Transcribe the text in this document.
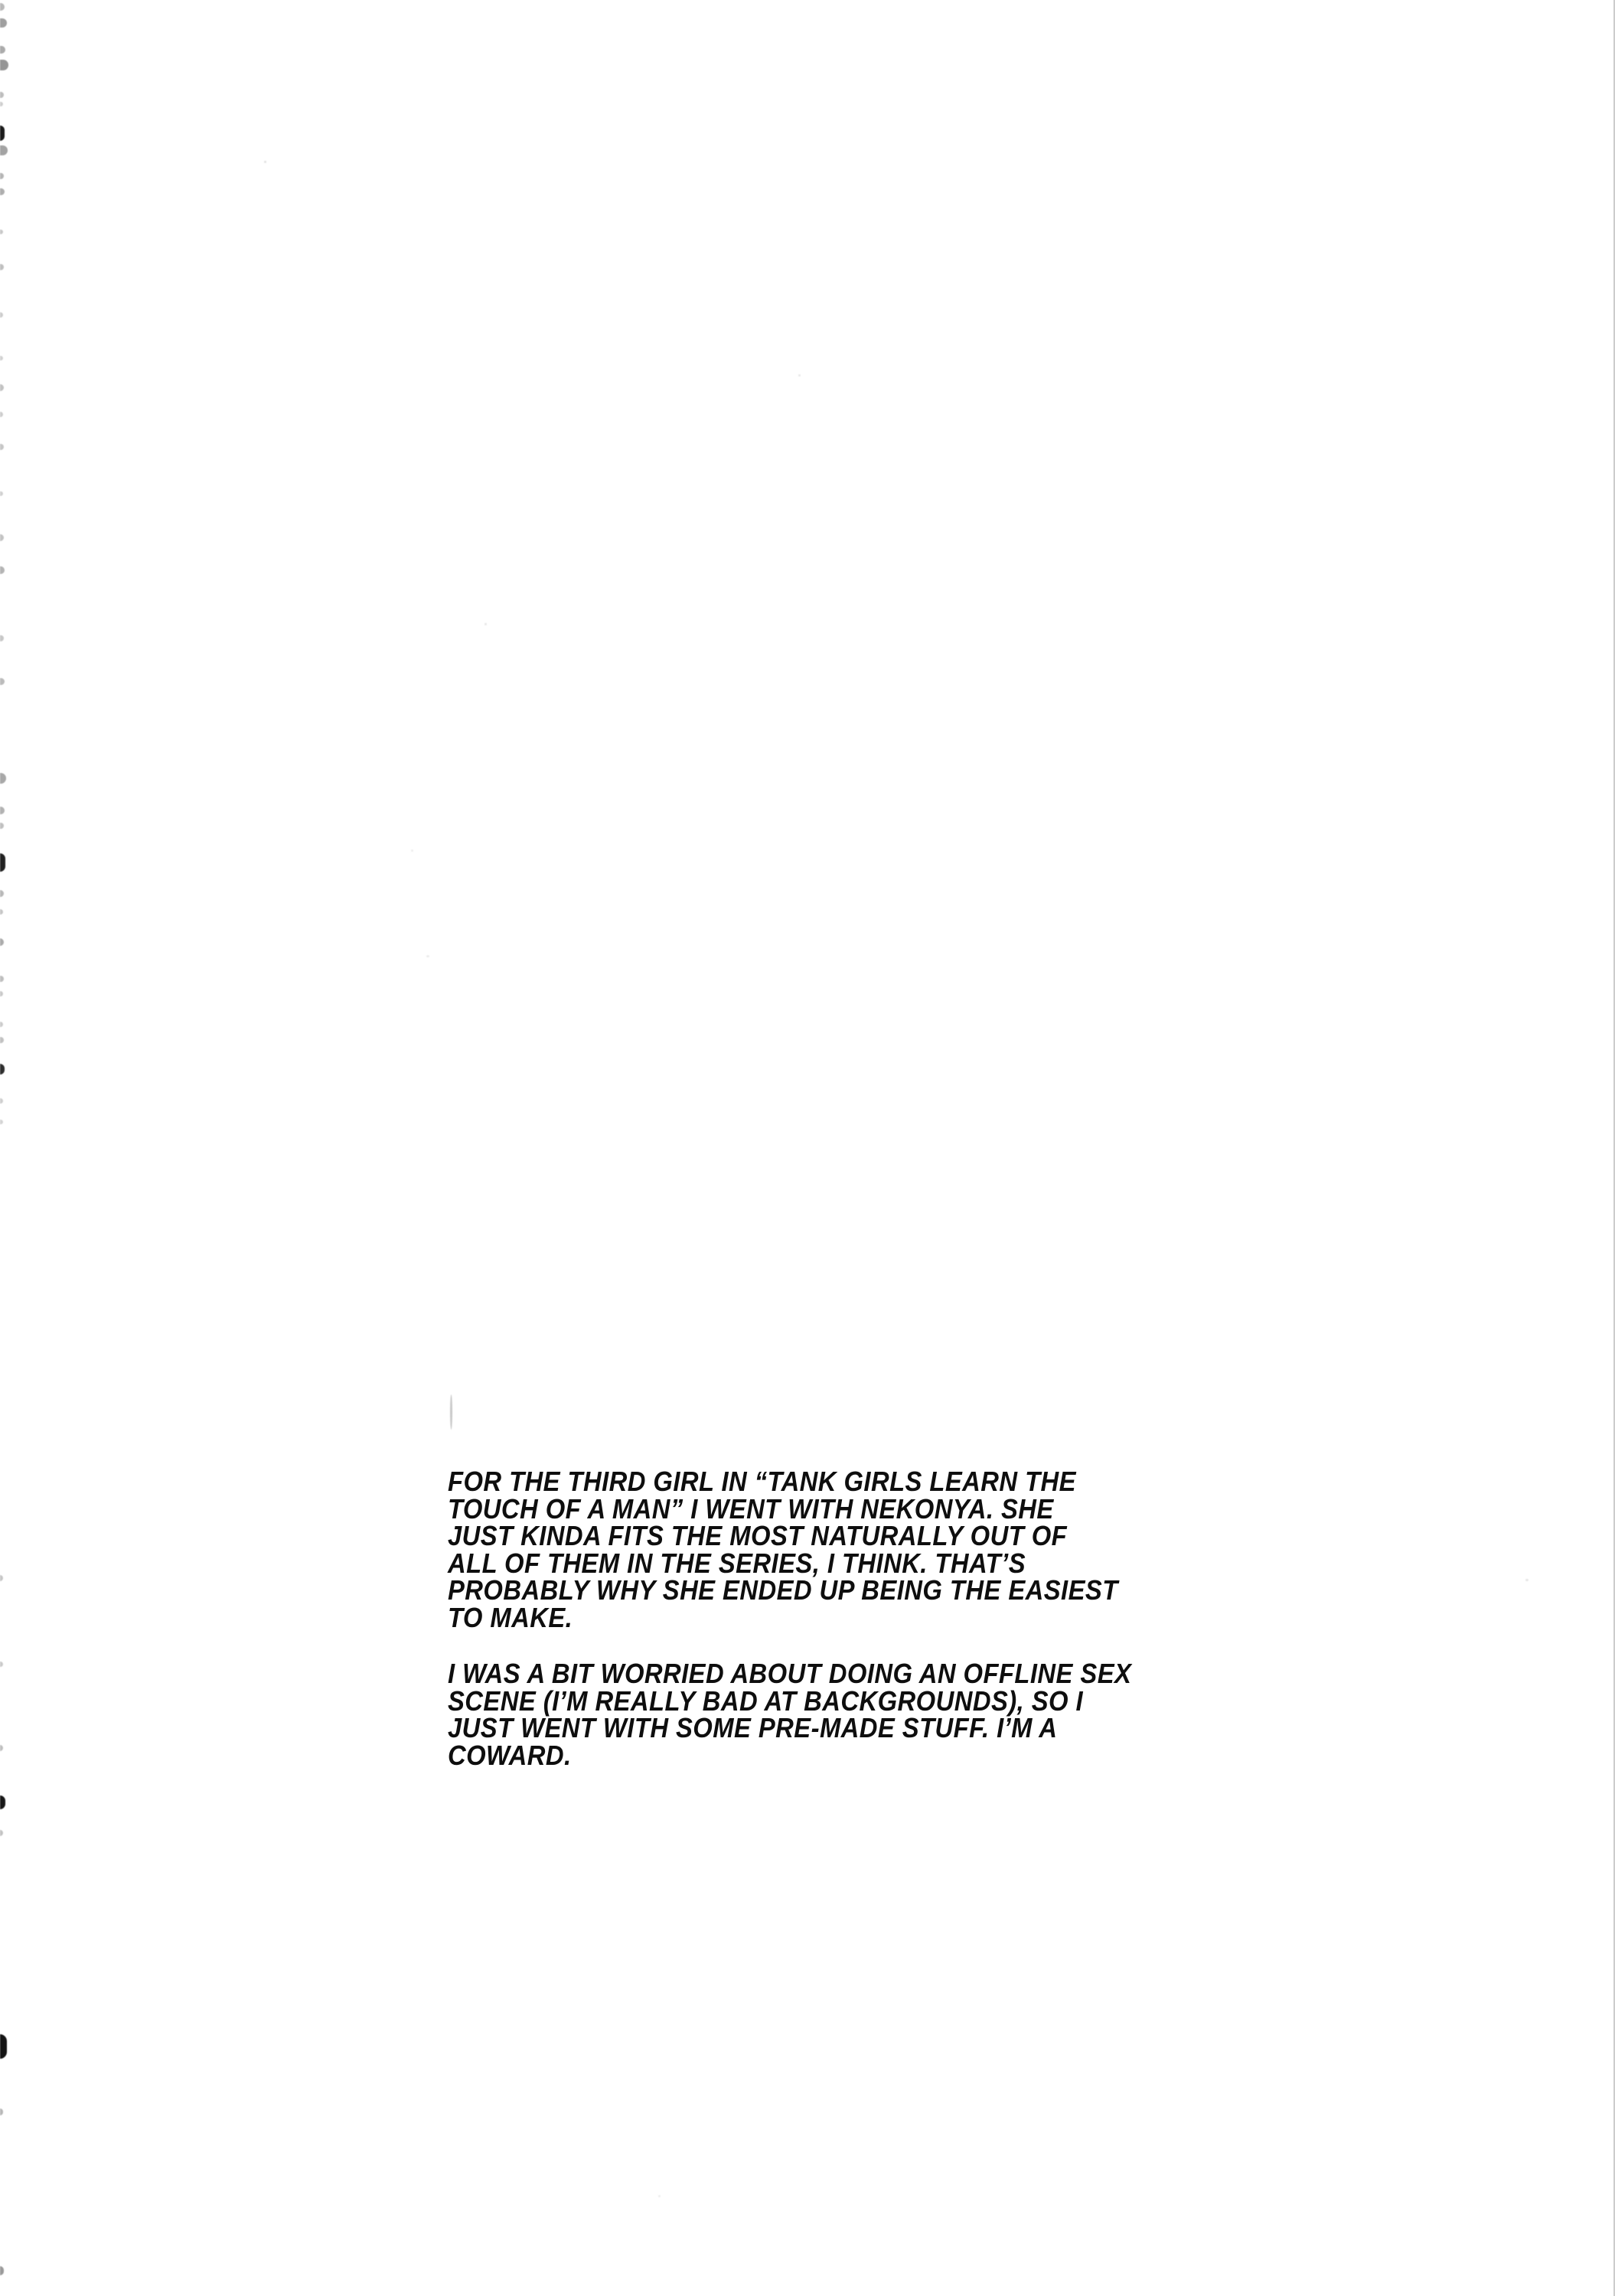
FOR THE THIRD GIRL IN “TANK GIRLS LEARN THE
TOUCH OF A MAN” I WENT WITH NEKONYA. SHE
JUST KINDA FITS THE MOST NATURALLY OUT OF
ALL OF THEM IN THE SERIES, I THINK. THAT’S
PROBABLY WHY SHE ENDED UP BEING THE EASIEST
TO MAKE.
I WAS A BIT WORRIED ABOUT DOING AN OFFLINE SEX
SCENE (I’M REALLY BAD AT BACKGROUNDS), SO I
JUST WENT WITH SOME PRE-MADE STUFF. I’M A
COWARD.
